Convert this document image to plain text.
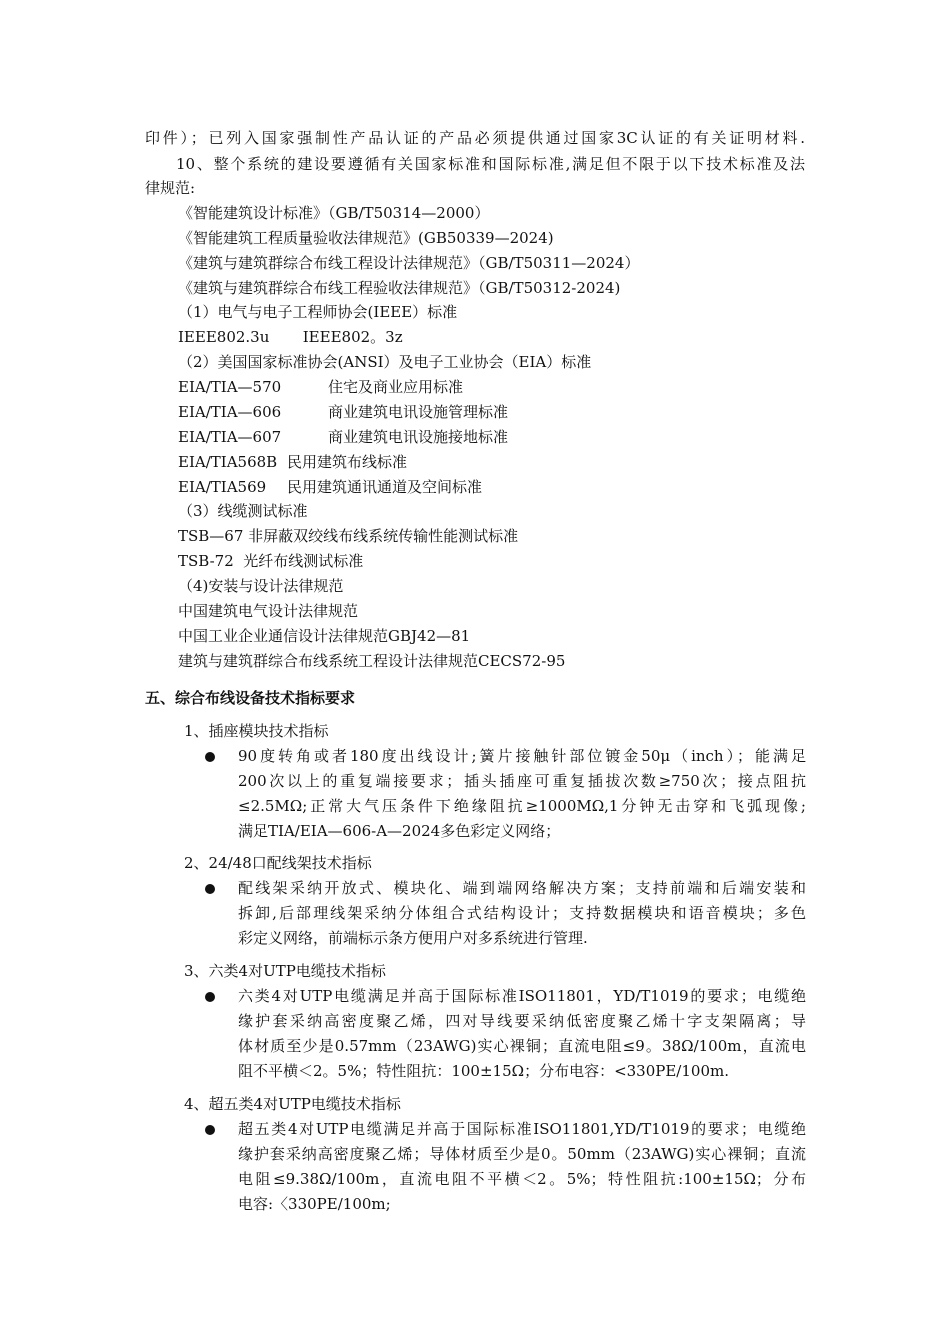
印件）；已列入国家强制性产品认证的产品必须提供通过国家3C认证的有关证明材料.
10、整个系统的建设要遵循有关国家标准和国际标准,满足但不限于以下技术标准及法
律规范:
《智能建筑设计标准》（GB/T50314—2000）
《智能建筑工程质量验收法律规范》(GB50339—2024)
《建筑与建筑群综合布线工程设计法律规范》（GB/T50311—2024）
《建筑与建筑群综合布线工程验收法律规范》（GB/T50312-2024)
（1）电气与电子工程师协会(IEEE）标准
IEEE802.3u       IEEE802。3z
（2）美国国家标准协会(ANSI）及电子工业协会（EIA）标准
EIA/TIA—570	住宅及商业应用标准
EIA/TIA—606	商业建筑电讯设施管理标准
EIA/TIA—607	商业建筑电讯设施接地标准
EIA/TIA568B 民用建筑布线标准
EIA/TIA569 民用建筑通讯通道及空间标准
（3）线缆测试标准
TSB—67 非屏蔽双绞线布线系统传输性能测试标准
TSB-72  光纤布线测试标准
（4)安装与设计法律规范
中国建筑电气设计法律规范
中国工业企业通信设计法律规范GBJ42—81
建筑与建筑群综合布线系统工程设计法律规范CECS72-95
五、综合布线设备技术指标要求
1、插座模块技术指标
90度转角或者180度出线设计;簧片接触针部位镀金50μ（inch）；能满足
200次以上的重复端接要求；插头插座可重复插拔次数≥750次；接点阻抗
≤2.5MΩ;正常大气压条件下绝缘阻抗≥1000MΩ,1分钟无击穿和飞弧现像;
满足TIA/EIA—606-A—2024多色彩定义网络；
2、24/48口配线架技术指标
配线架采纳开放式、模块化、端到端网络解决方案；支持前端和后端安装和
拆卸,后部理线架采纳分体组合式结构设计；支持数据模块和语音模块；多色
彩定义网络，前端标示条方便用户对多系统进行管理.
3、六类4对UTP电缆技术指标
六类4对UTP电缆满足并高于国际标准ISO11801，YD/T1019的要求；电缆绝
缘护套采纳高密度聚乙烯，四对导线要采纳低密度聚乙烯十字支架隔离；导
体材质至少是0.57mm（23AWG)实心裸铜；直流电阻≤9。38Ω/100m，直流电
阻不平横＜2。5%；特性阻抗：100±15Ω；分布电容：<330PE/100m.
4、超五类4对UTP电缆技术指标
超五类4对UTP电缆满足并高于国际标准ISO11801,YD/T1019的要求；电缆绝
缘护套采纳高密度聚乙烯；导体材质至少是0。50mm（23AWG)实心裸铜；直流
电阻≤9.38Ω/100m，直流电阻不平横＜2。5%；特性阻抗:100±15Ω；分布
电容:〈330PE/100m;
